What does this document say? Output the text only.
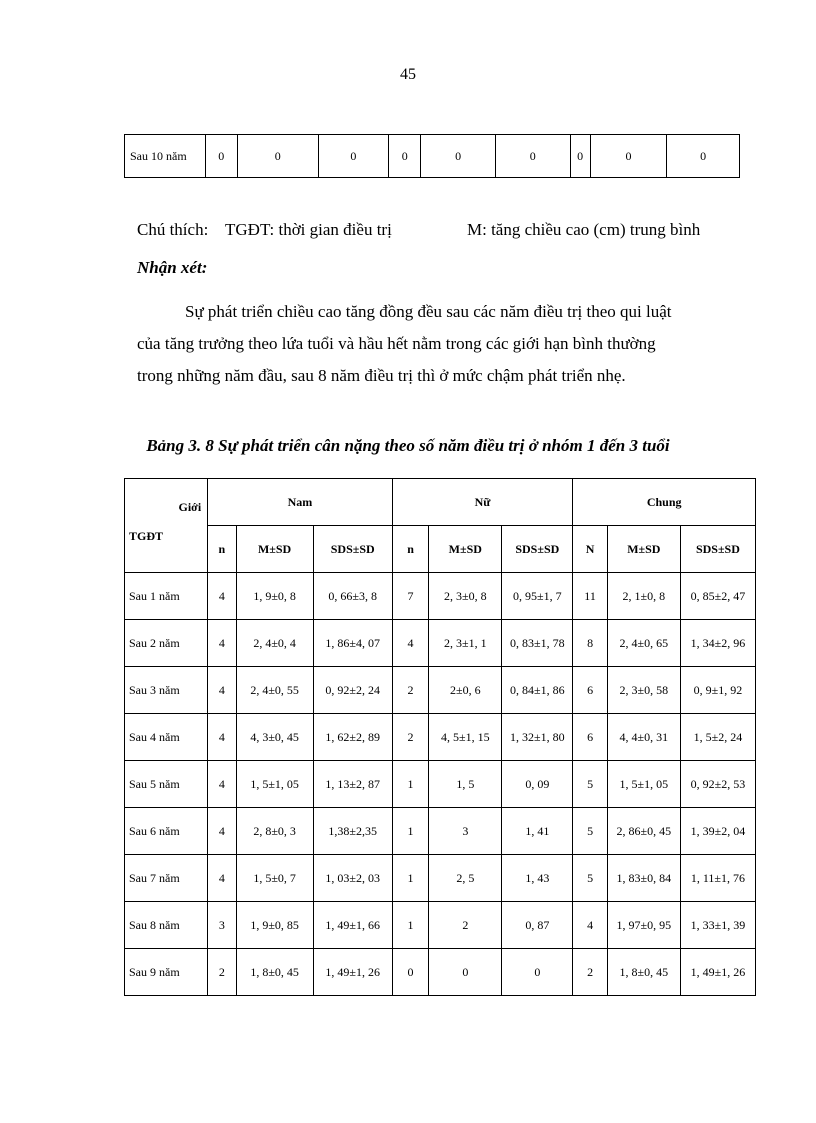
45
Sau 10 năm	0	0	0	0	0	0	0	0	0
Chú thích: TGĐT: thời gian điều trị	M: tăng chiều cao (cm) trung bình
Nhận xét:
Sự phát triển chiều cao tăng đồng đều sau các năm điều trị theo qui luật
của tăng trưởng theo lứa tuổi và hầu hết nằm trong các giới hạn bình thường
trong những năm đầu, sau 8 năm điều trị thì ở mức chậm phát triển nhẹ.
Bảng 3. 8 Sự phát triển cân nặng theo số năm điều trị ở nhóm 1 đến 3 tuổi
Giới
TGĐT	Nam			Nữ			Chung		
	n	M±SD	SDS±SD	n	M±SD	SDS±SD	N	M±SD	SDS±SD
Sau 1 năm	4	1, 9±0, 8	0, 66±3, 8	7	2, 3±0, 8	0, 95±1, 7	11	2, 1±0, 8	0, 85±2, 47
Sau 2 năm	4	2, 4±0, 4	1, 86±4, 07	4	2, 3±1, 1	0, 83±1, 78	8	2, 4±0, 65	1, 34±2, 96
Sau 3 năm	4	2, 4±0, 55	0, 92±2, 24	2	2±0, 6	0, 84±1, 86	6	2, 3±0, 58	0, 9±1, 92
Sau 4 năm	4	4, 3±0, 45	1, 62±2, 89	2	4, 5±1, 15	1, 32±1, 80	6	4, 4±0, 31	1, 5±2, 24
Sau 5 năm	4	1, 5±1, 05	1, 13±2, 87	1	1, 5	0, 09	5	1, 5±1, 05	0, 92±2, 53
Sau 6 năm	4	2, 8±0, 3	1,38±2,35	1	3	1, 41	5	2, 86±0, 45	1, 39±2, 04
Sau 7 năm	4	1, 5±0, 7	1, 03±2, 03	1	2, 5	1, 43	5	1, 83±0, 84	1, 11±1, 76
Sau 8 năm	3	1, 9±0, 85	1, 49±1, 66	1	2	0, 87	4	1, 97±0, 95	1, 33±1, 39
Sau 9 năm	2	1, 8±0, 45	1, 49±1, 26	0	0	0	2	1, 8±0, 45	1, 49±1, 26
